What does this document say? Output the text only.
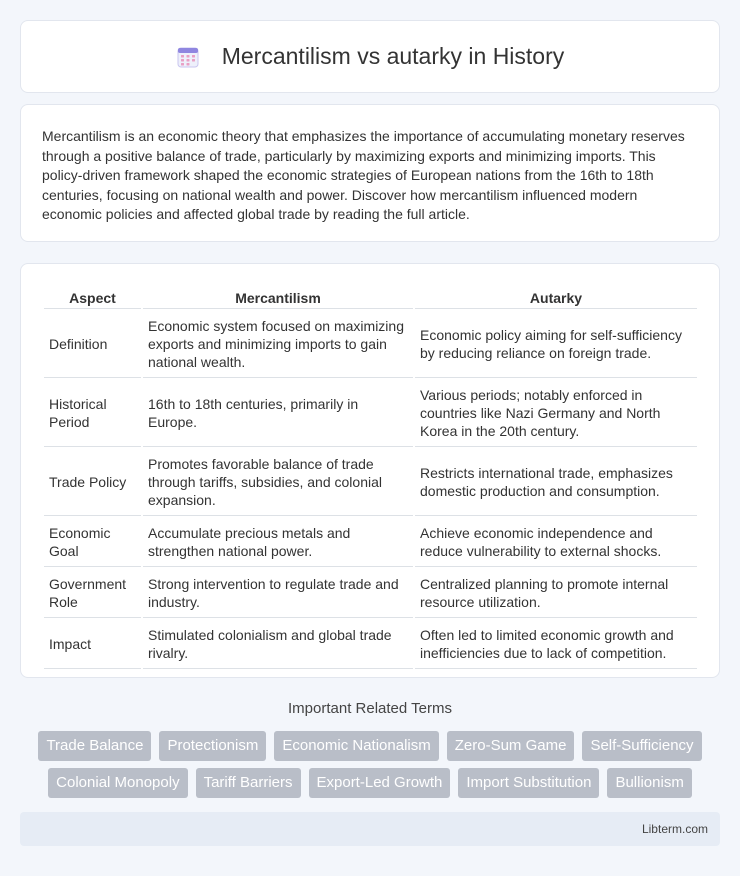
Mercantilism vs autarky in History

Mercantilism is an economic theory that emphasizes the importance of accumulating monetary reserves through a positive balance of trade, particularly by maximizing exports and minimizing imports. This policy-driven framework shaped the economic strategies of European nations from the 16th to 18th centuries, focusing on national wealth and power. Discover how mercantilism influenced modern economic policies and affected global trade by reading the full article.

Aspect	Mercantilism	Autarky
Definition	Economic system focused on maximizing exports and minimizing imports to gain national wealth.	Economic policy aiming for self-sufficiency by reducing reliance on foreign trade.
Historical Period	16th to 18th centuries, primarily in Europe.	Various periods; notably enforced in countries like Nazi Germany and North Korea in the 20th century.
Trade Policy	Promotes favorable balance of trade through tariffs, subsidies, and colonial expansion.	Restricts international trade, emphasizes domestic production and consumption.
Economic Goal	Accumulate precious metals and strengthen national power.	Achieve economic independence and reduce vulnerability to external shocks.
Government Role	Strong intervention to regulate trade and industry.	Centralized planning to promote internal resource utilization.
Impact	Stimulated colonialism and global trade rivalry.	Often led to limited economic growth and inefficiencies due to lack of competition.
Important Related Terms
Trade Balance	Protectionism	Economic Nationalism	Zero-Sum Game	Self-Sufficiency
Colonial Monopoly	Tariff Barriers	Export-Led Growth	Import Substitution	Bullionism
Libterm.com
